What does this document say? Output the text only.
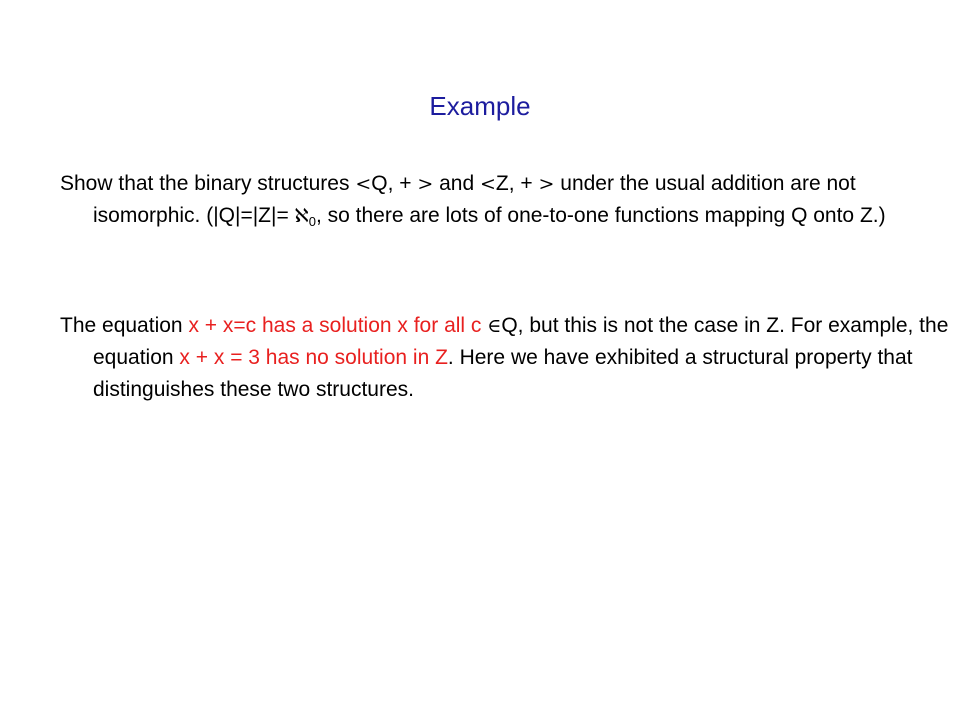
Example

Show that the binary structures <Q, + > and <Z, + > under the usual addition are not isomorphic. (|Q|=|Z|= ℵ$_0$, so there are lots of one-to-one functions mapping Q onto Z.)

The equation x + x=c has a solution x for all c ∈Q, but this is not the case in Z. For example, the equation x + x = 3 has no solution in Z. Here we have exhibited a structural property that distinguishes these two structures.
